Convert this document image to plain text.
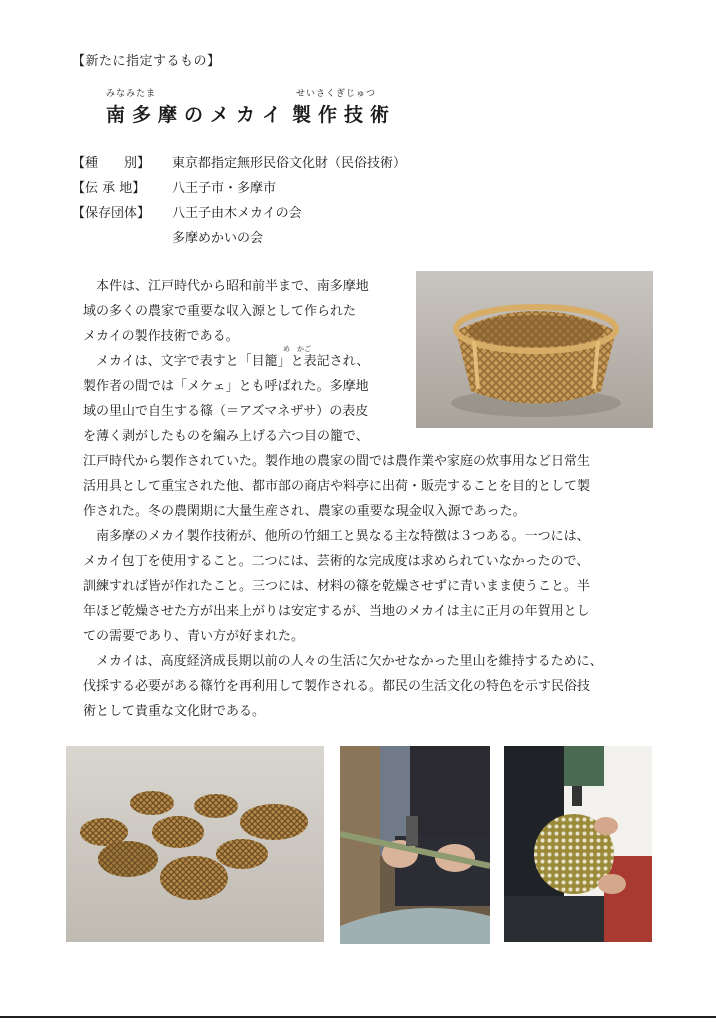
【新たに指定するもの】
みなみたま	せいさくぎじゅつ
南 多 摩 の メ カ イ 製 作 技 術
【種　　別】	東京都指定無形民俗文化財（民俗技術）
【伝 承 地】	八王子市・多摩市
【保存団体】	八王子由木メカイの会
多摩めかいの会
め かご
　本件は、江戸時代から昭和前半まで、南多摩地
域の多くの農家で重要な収入源として作られた
メカイの製作技術である。
　メカイは、文字で表すと「目籠」と表記され、
製作者の間では「メケェ」とも呼ばれた。多摩地
域の里山で自生する篠（＝アズマネザサ）の表皮
を薄く剥がしたものを編み上げる六つ目の籠で、
江戸時代から製作されていた。製作地の農家の間では農作業や家庭の炊事用など日常生
活用具として重宝された他、都市部の商店や料亭に出荷・販売することを目的として製
作された。冬の農閑期に大量生産され、農家の重要な現金収入源であった。
　南多摩のメカイ製作技術が、他所の竹細工と異なる主な特徴は３つある。一つには、
メカイ包丁を使用すること。二つには、芸術的な完成度は求められていなかったので、
訓練すれば皆が作れたこと。三つには、材料の篠を乾燥させずに青いまま使うこと。半
年ほど乾燥させた方が出来上がりは安定するが、当地のメカイは主に正月の年賀用とし
ての需要であり、青い方が好まれた。
　メカイは、高度経済成長期以前の人々の生活に欠かせなかった里山を維持するために、
伐採する必要がある篠竹を再利用して製作される。都民の生活文化の特色を示す民俗技
術として貴重な文化財である。
